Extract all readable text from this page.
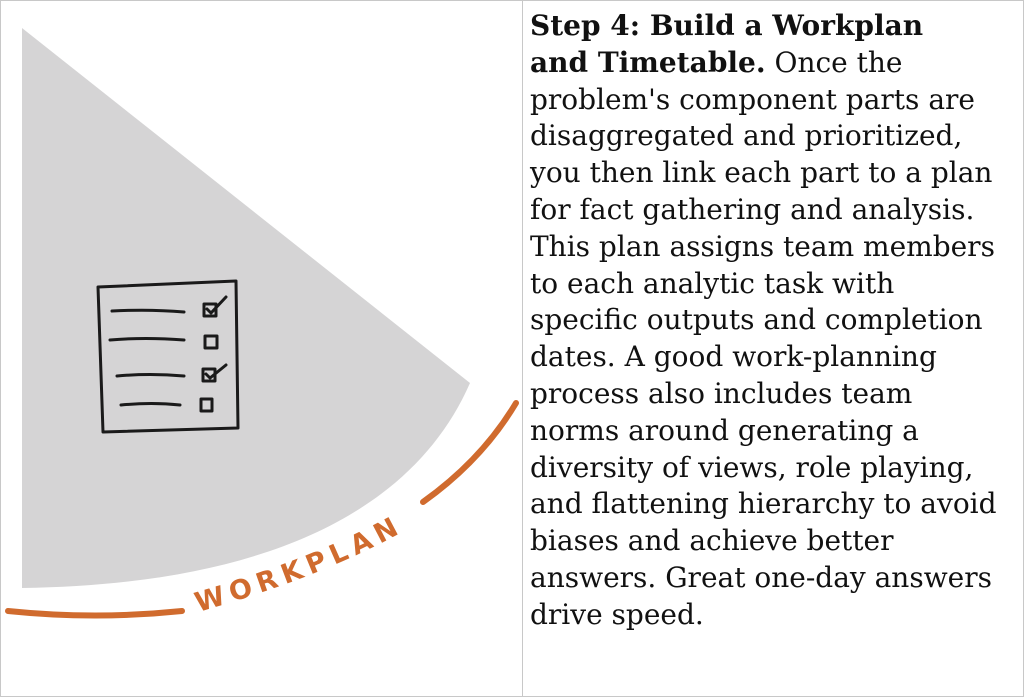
WORKPLAN
Step 4: Build a Workplan
and Timetable. Once the
problem's component parts are
disaggregated and prioritized,
you then link each part to a plan
for fact gathering and analysis.
This plan assigns team members
to each analytic task with
specific outputs and completion
dates. A good work-planning
process also includes team
norms around generating a
diversity of views, role playing,
and flattening hierarchy to avoid
biases and achieve better
answers. Great one-day answers
drive speed.
